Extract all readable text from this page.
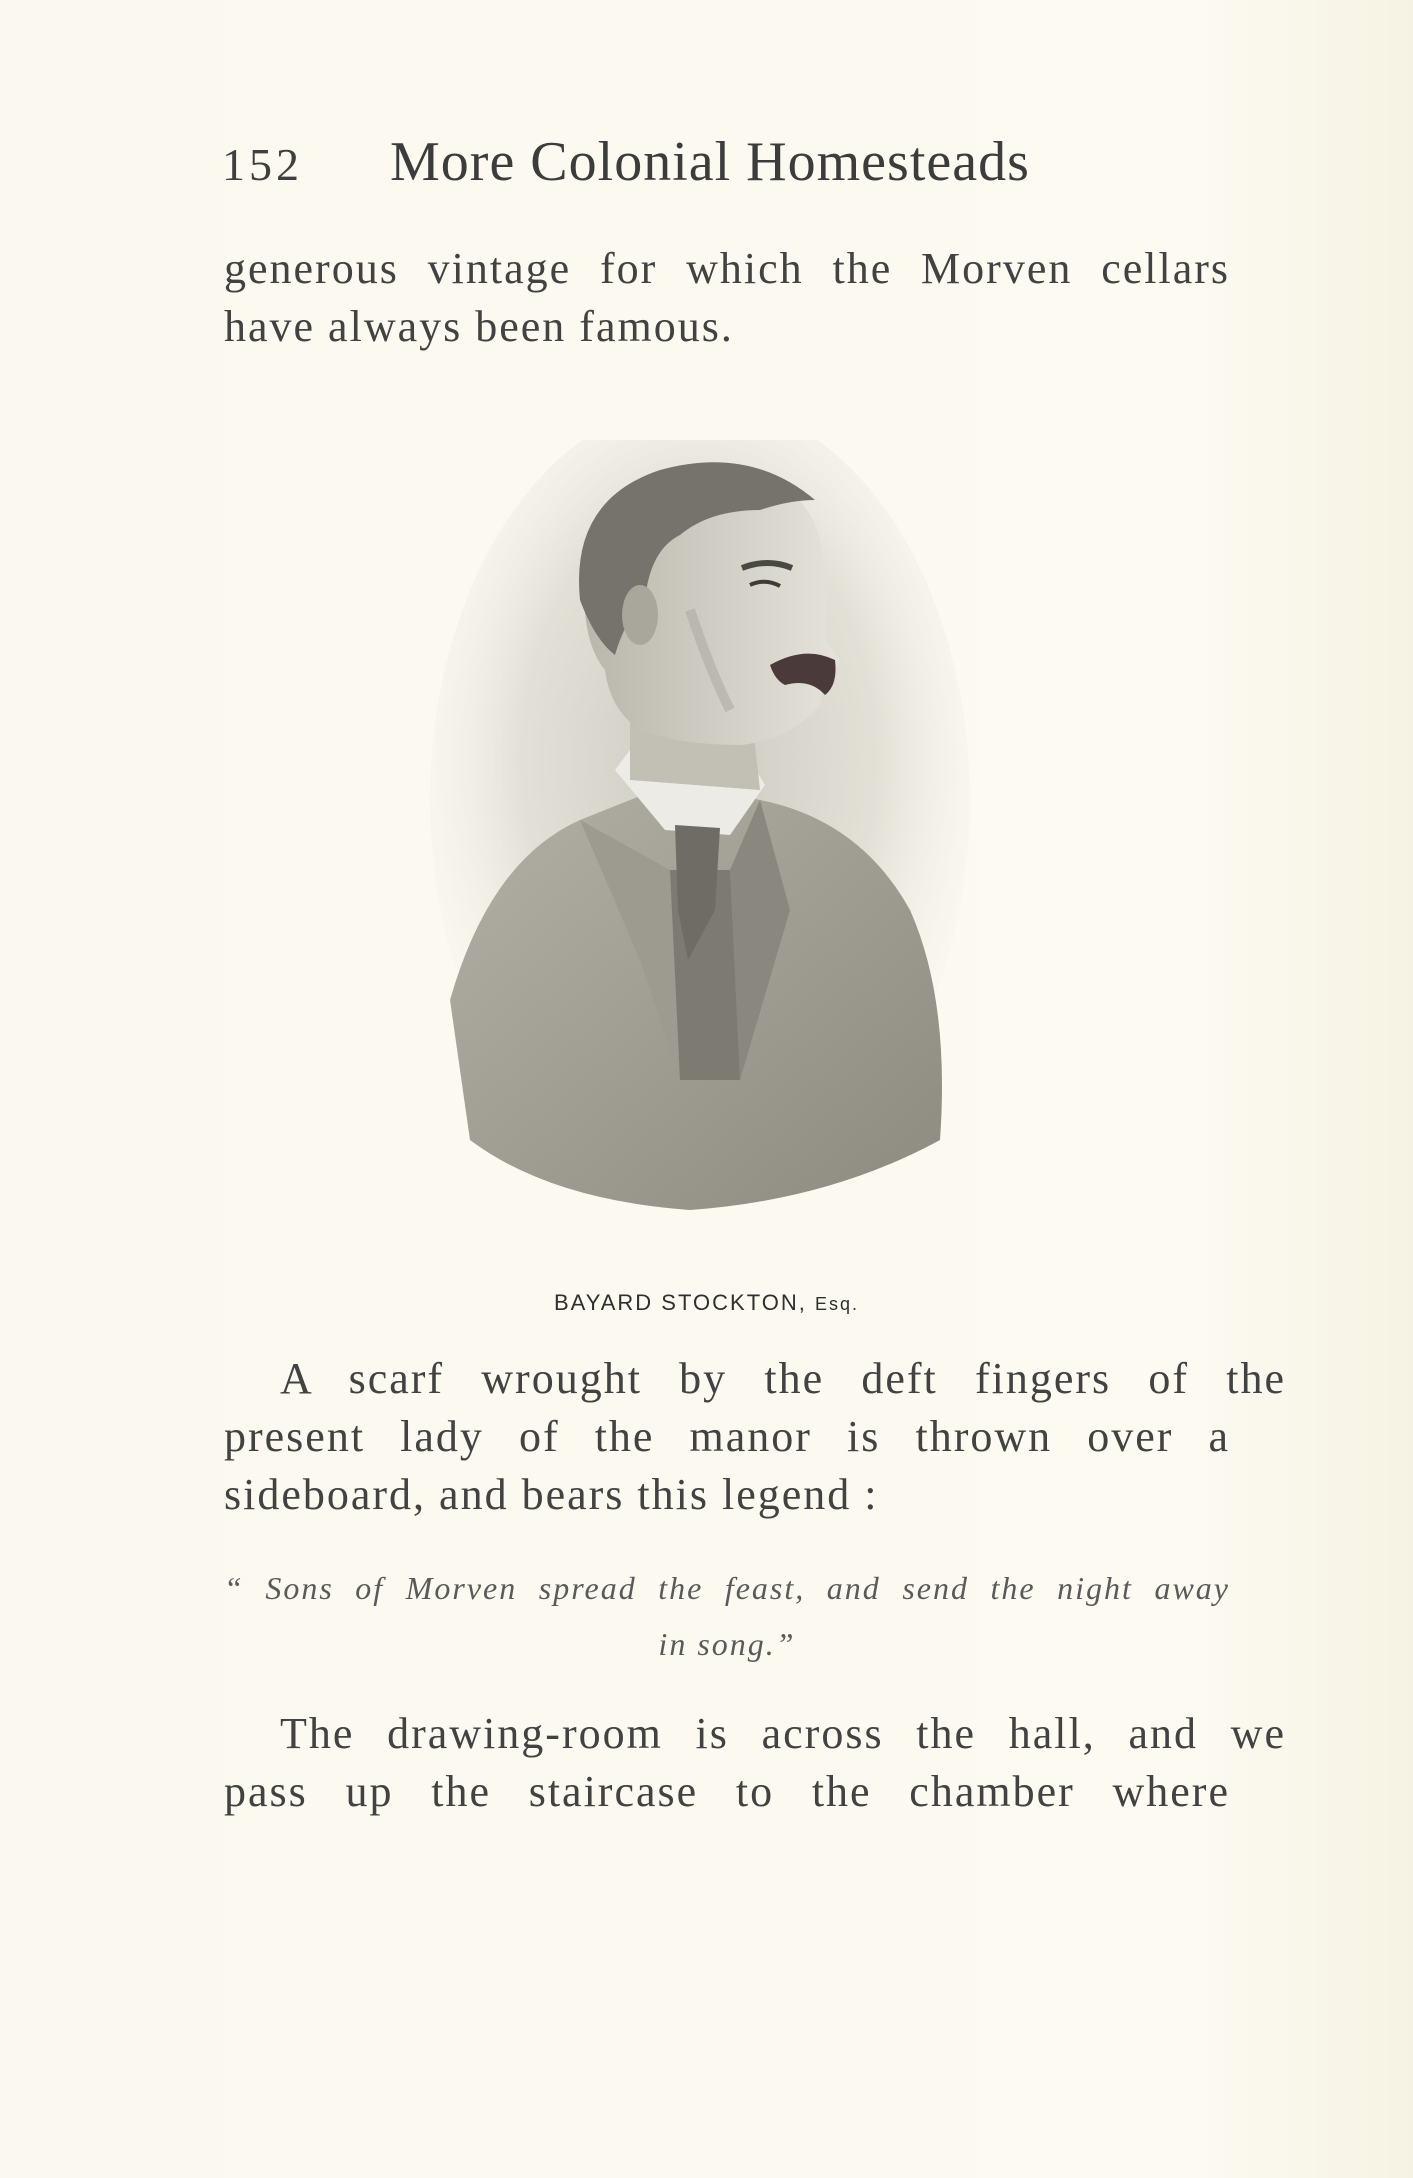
152 More Colonial Homesteads
generous vintage for which the Morven cellars
have always been famous.
BAYARD STOCKTON, Esq.
A scarf wrought by the deft fingers of the
present lady of the manor is thrown over a
sideboard, and bears this legend :
“ Sons of Morven spread the feast, and send the night away
in song.”
The drawing-room is across the hall, and we
pass up the staircase to the chamber where
